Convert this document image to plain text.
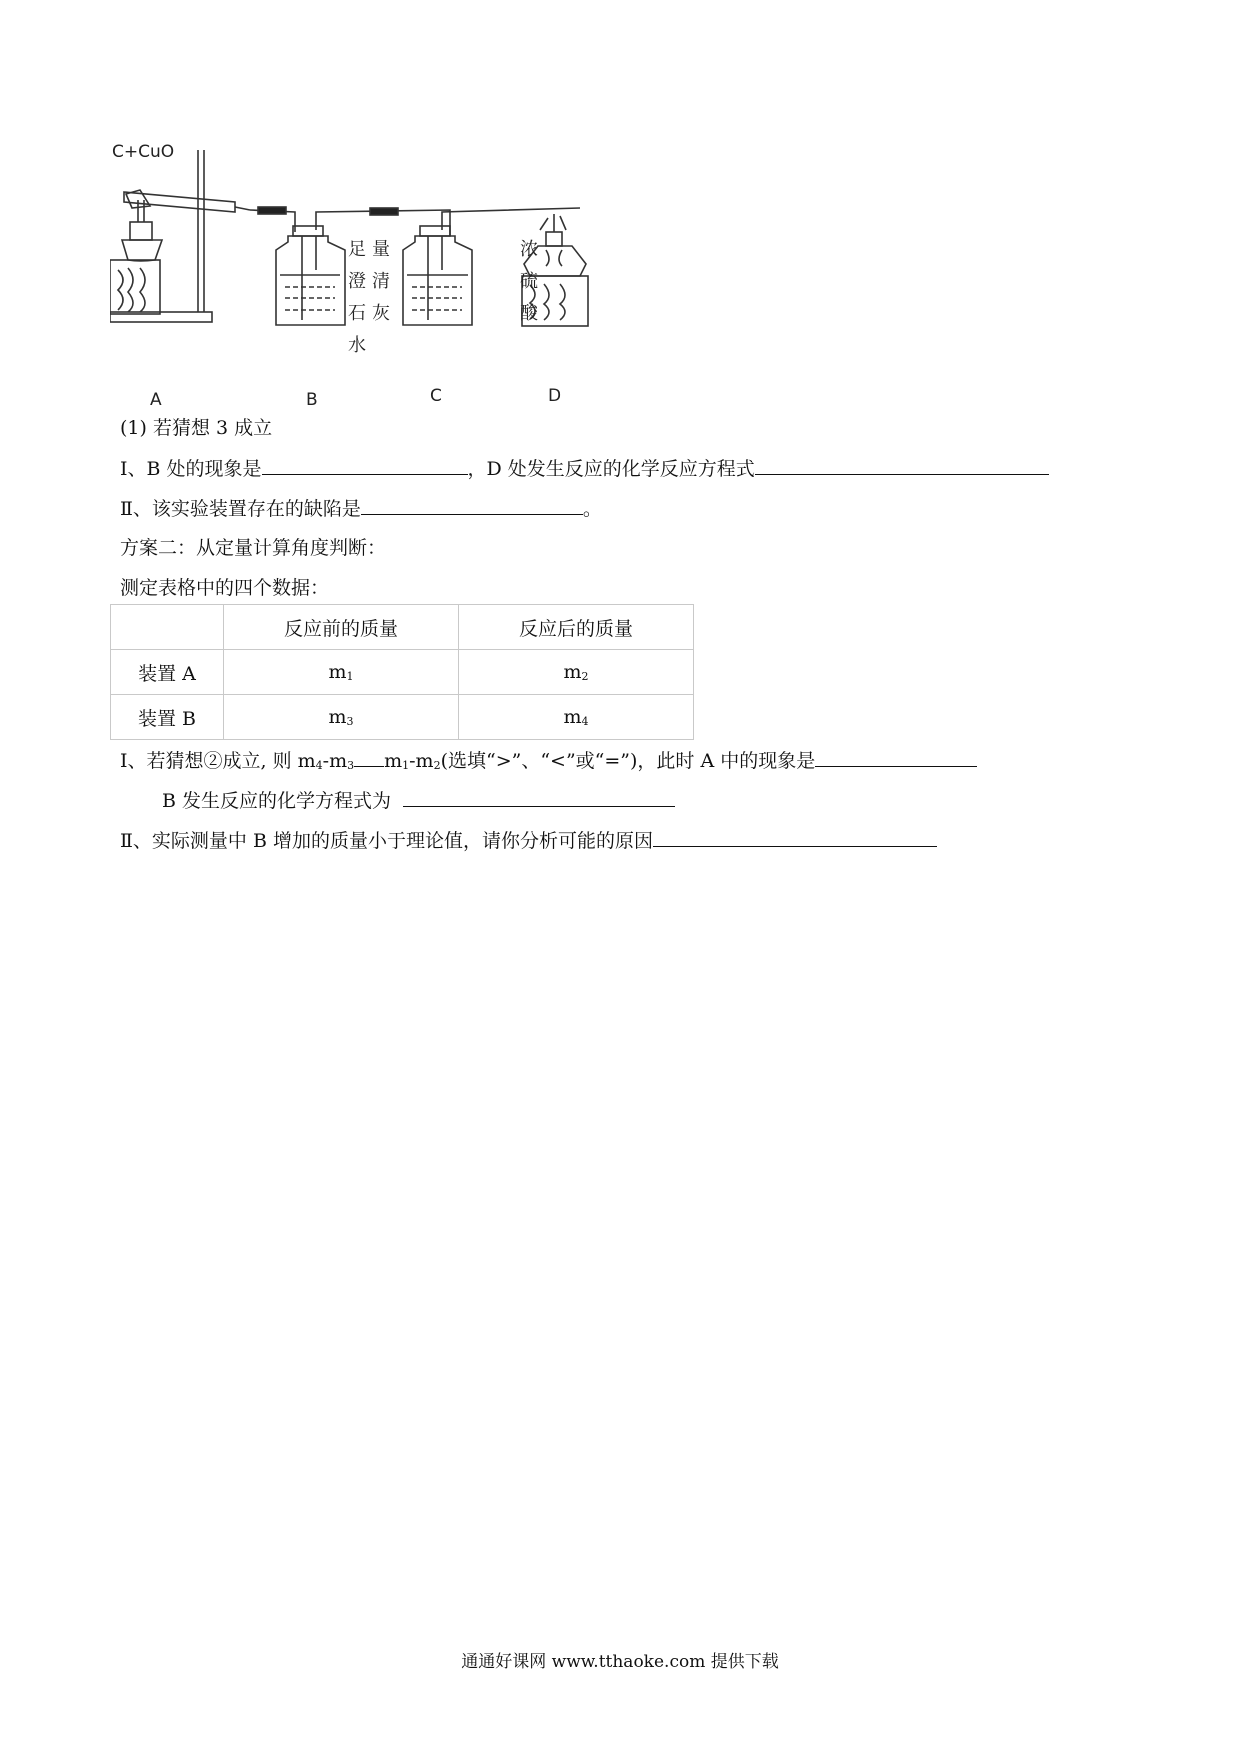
C+CuO
足 量
澄 清
石 灰
水
浓
硫
酸
A	B	C	D
(1) 若猜想 3 成立
Ⅰ、B 处的现象是	，D 处发生反应的化学反应方程式
Ⅱ、该实验装置存在的缺陷是	。
方案二：从定量计算角度判断：
测定表格中的四个数据：
	反应前的质量	反应后的质量
装置 A	$m_1$	$m_2$
装置 B	$m_3$	$m_4$
Ⅰ、若猜想②成立, 则 $m_4-m_3$ $m_1-m_2$(选填“>”、“<”或“=”)，此时 A 中的现象是
B 发生反应的化学方程式为
Ⅱ、实际测量中 B 增加的质量小于理论值，请你分析可能的原因
通通好课网 www.tthaoke.com 提供下载
